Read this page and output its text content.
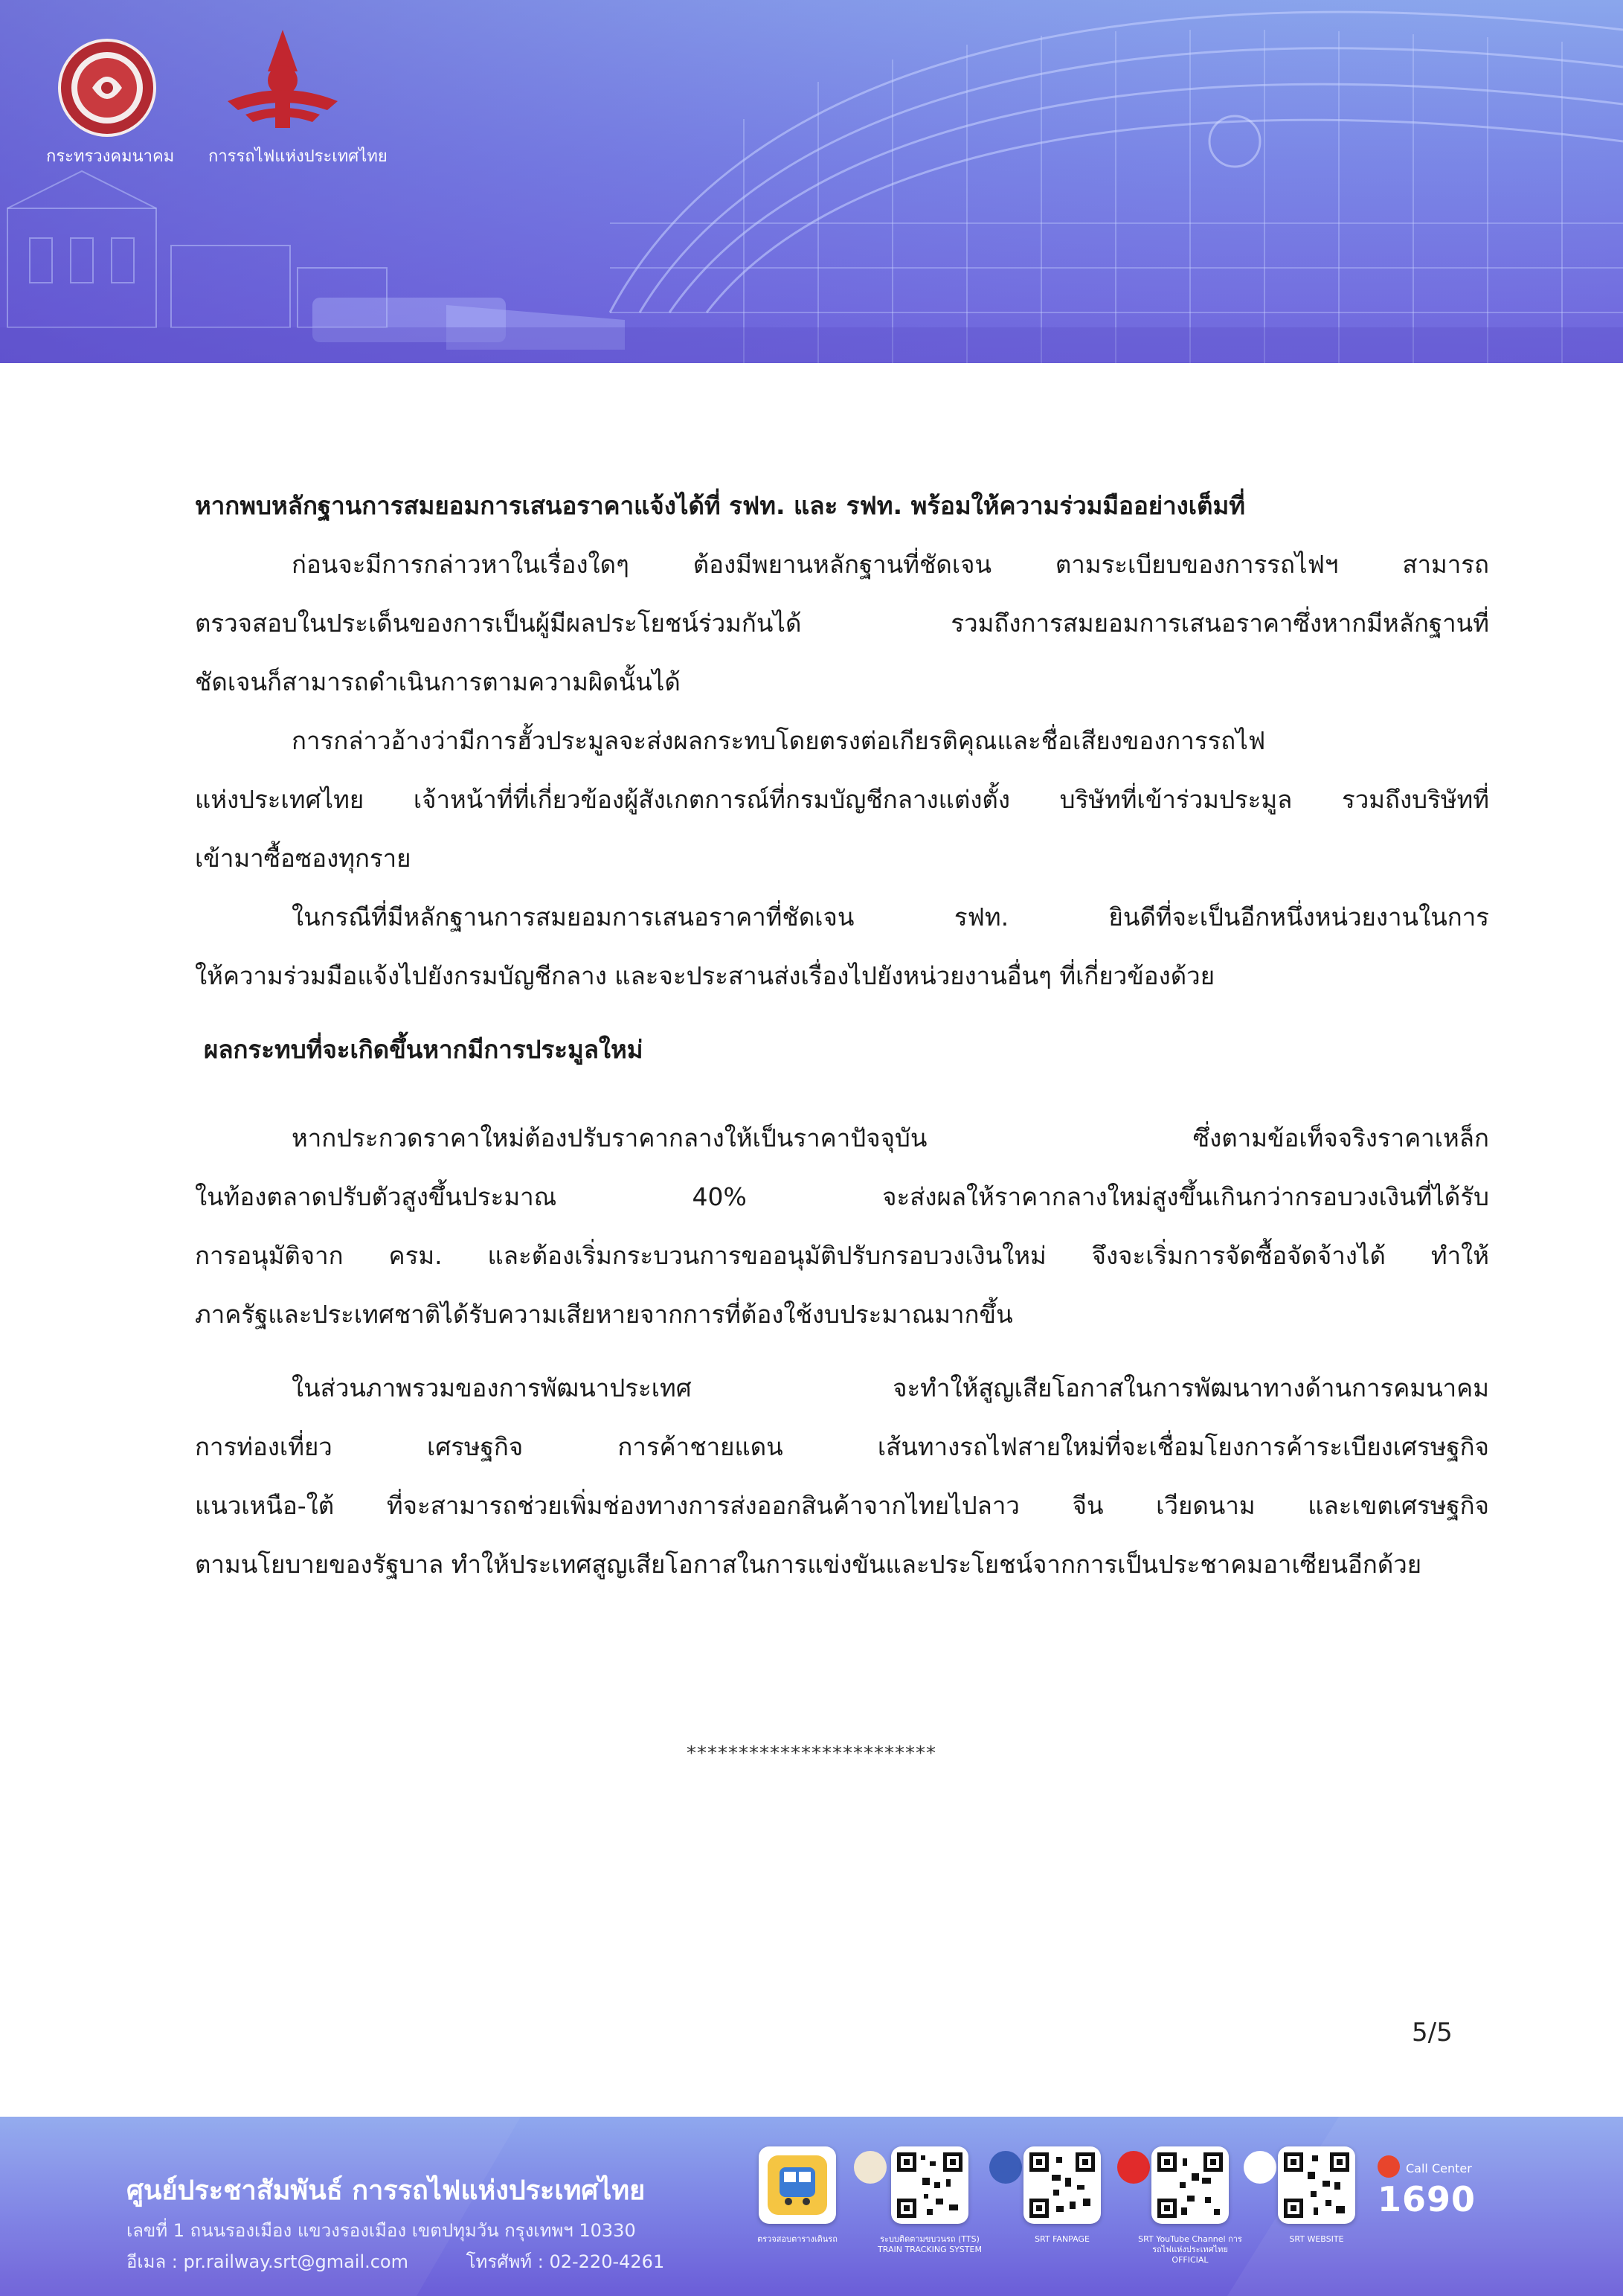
กระทรวงคมนาคม การรถไฟแห่งประเทศไทย
หากพบหลักฐานการสมยอมการเสนอราคาแจ้งได้ที่ รฟท. และ รฟท. พร้อมให้ความร่วมมืออย่างเต็มที่
ก่อนจะมีการกล่าวหาในเรื่องใดๆ ต้องมีพยานหลักฐานที่ชัดเจน ตามระเบียบของการรถไฟฯ สามารถ
ตรวจสอบในประเด็นของการเป็นผู้มีผลประโยชน์ร่วมกันได้ รวมถึงการสมยอมการเสนอราคาซึ่งหากมีหลักฐานที่
ชัดเจนก็สามารถดำเนินการตามความผิดนั้นได้
การกล่าวอ้างว่ามีการฮั้วประมูลจะส่งผลกระทบโดยตรงต่อเกียรติคุณและชื่อเสียงของการรถไฟ
แห่งประเทศไทย เจ้าหน้าที่ที่เกี่ยวข้องผู้สังเกตการณ์ที่กรมบัญชีกลางแต่งตั้ง บริษัทที่เข้าร่วมประมูล รวมถึงบริษัทที่
เข้ามาซื้อซองทุกราย
ในกรณีที่มีหลักฐานการสมยอมการเสนอราคาที่ชัดเจน รฟท. ยินดีที่จะเป็นอีกหนึ่งหน่วยงานในการ
ให้ความร่วมมือแจ้งไปยังกรมบัญชีกลาง และจะประสานส่งเรื่องไปยังหน่วยงานอื่นๆ ที่เกี่ยวข้องด้วย
ผลกระทบที่จะเกิดขึ้นหากมีการประมูลใหม่
หากประกวดราคาใหม่ต้องปรับราคากลางให้เป็นราคาปัจจุบัน ซึ่งตามข้อเท็จจริงราคาเหล็ก
ในท้องตลาดปรับตัวสูงขึ้นประมาณ 40% จะส่งผลให้ราคากลางใหม่สูงขึ้นเกินกว่ากรอบวงเงินที่ได้รับ
การอนุมัติจาก ครม. และต้องเริ่มกระบวนการขออนุมัติปรับกรอบวงเงินใหม่ จึงจะเริ่มการจัดซื้อจัดจ้างได้ ทำให้
ภาครัฐและประเทศชาติได้รับความเสียหายจากการที่ต้องใช้งบประมาณมากขึ้น
ในส่วนภาพรวมของการพัฒนาประเทศ จะทำให้สูญเสียโอกาสในการพัฒนาทางด้านการคมนาคม
การท่องเที่ยว เศรษฐกิจ การค้าชายแดน เส้นทางรถไฟสายใหม่ที่จะเชื่อมโยงการค้าระเบียงเศรษฐกิจ
แนวเหนือ-ใต้ ที่จะสามารถช่วยเพิ่มช่องทางการส่งออกสินค้าจากไทยไปลาว จีน เวียดนาม และเขตเศรษฐกิจ
ตามนโยบายของรัฐบาล ทำให้ประเทศสูญเสียโอกาสในการแข่งขันและประโยชน์จากการเป็นประชาคมอาเซียนอีกด้วย
************************
5/5
ศูนย์ประชาสัมพันธ์ การรถไฟแห่งประเทศไทย
เลขที่ 1 ถนนรองเมือง แขวงรองเมือง เขตปทุมวัน กรุงเทพฯ 10330
อีเมล : pr.railway.srt@gmail.com	โทรศัพท์ : 02-220-4261
ตรวจสอบตารางเดินรถ	ระบบติดตามขบวนรถ (TTS) TRAIN TRACKING SYSTEM
SRT FANPAGE	SRT YouTube Channel การรถไฟแห่งประเทศไทย OFFICIAL
SRT WEBSITE
Call Center
1690
